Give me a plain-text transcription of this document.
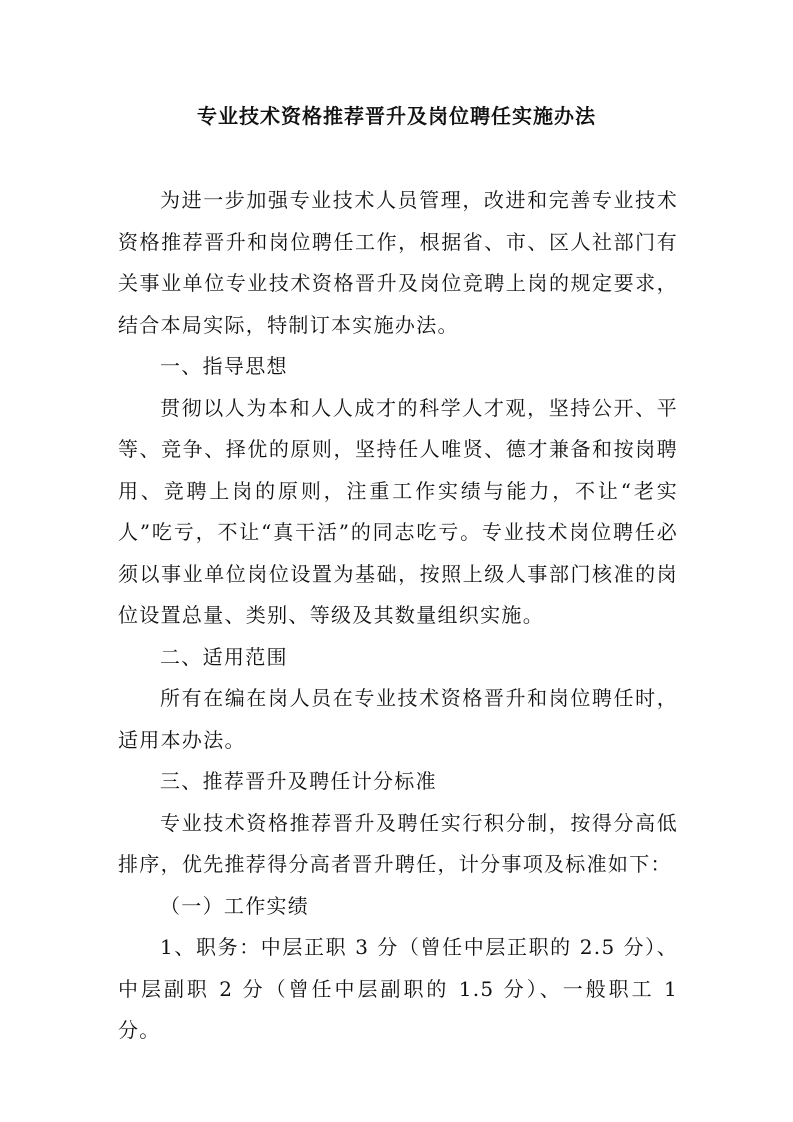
专业技术资格推荐晋升及岗位聘任实施办法

为进一步加强专业技术人员管理，改进和完善专业技术资格推荐晋升和岗位聘任工作，根据省、市、区人社部门有关事业单位专业技术资格晋升及岗位竞聘上岗的规定要求，结合本局实际，特制订本实施办法。

一、指导思想

贯彻以人为本和人人成才的科学人才观，坚持公开、平等、竞争、择优的原则，坚持任人唯贤、德才兼备和按岗聘用、竞聘上岗的原则，注重工作实绩与能力，不让“老实人”吃亏，不让“真干活”的同志吃亏。专业技术岗位聘任必须以事业单位岗位设置为基础，按照上级人事部门核准的岗位设置总量、类别、等级及其数量组织实施。

二、适用范围

所有在编在岗人员在专业技术资格晋升和岗位聘任时，适用本办法。

三、推荐晋升及聘任计分标准

专业技术资格推荐晋升及聘任实行积分制，按得分高低排序，优先推荐得分高者晋升聘任，计分事项及标准如下：

（一）工作实绩

1、职务：中层正职 3 分（曾任中层正职的 2.5 分）、中层副职 2 分（曾任中层副职的 1.5 分）、一般职工 1 分。
